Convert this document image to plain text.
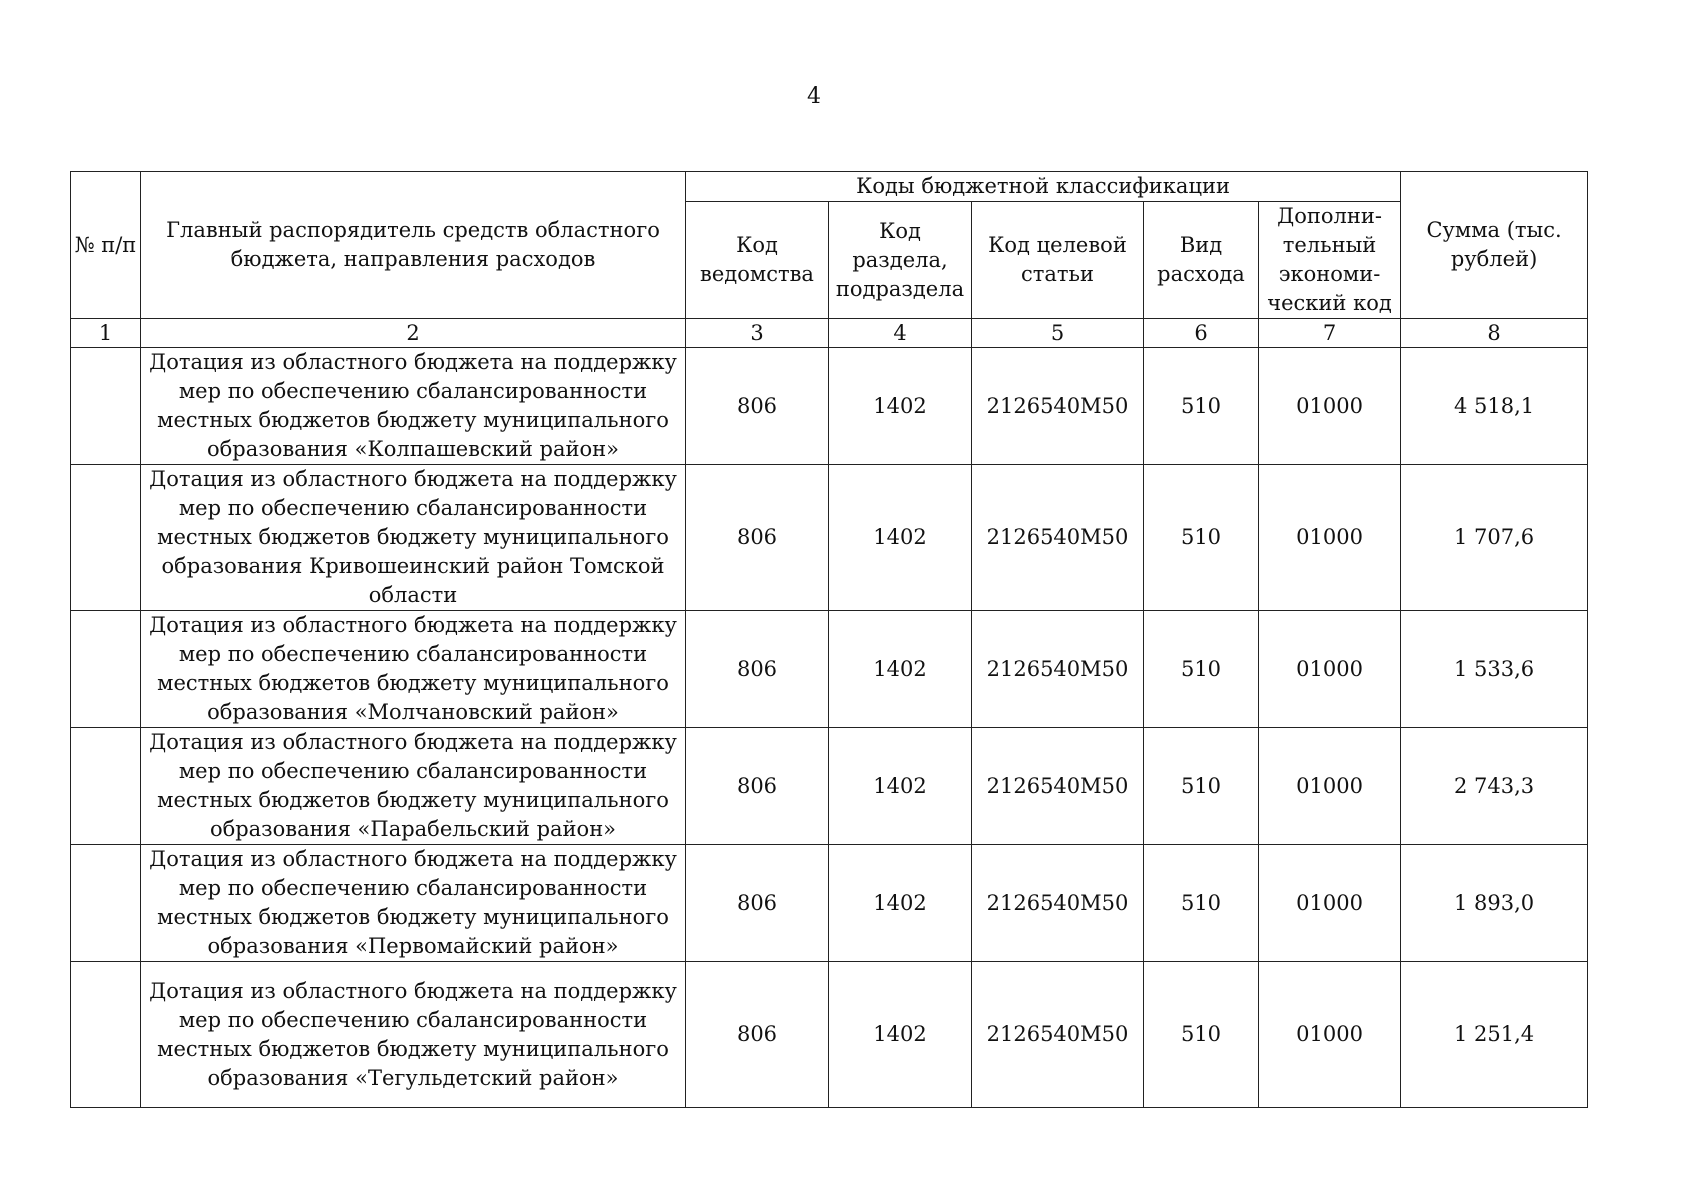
4
№ п/п	Главный распорядитель средств областного бюджета, направления расходов	Коды бюджетной классификации					Сумма (тыс. рублей)
		Код ведомства	Код раздела, подраздела	Код целевой статьи	Вид расхода	Дополни-тельный экономи-ческий код	
1	2	3	4	5	6	7	8
	Дотация из областного бюджета на поддержку мер по обеспечению сбалансированности местных бюджетов бюджету муниципального образования «Колпашевский район»	806	1402	2126540M50	510	01000	4 518,1
	Дотация из областного бюджета на поддержку мер по обеспечению сбалансированности местных бюджетов бюджету муниципального образования Кривошеинский район Томской области	806	1402	2126540M50	510	01000	1 707,6
	Дотация из областного бюджета на поддержку мер по обеспечению сбалансированности местных бюджетов бюджету муниципального образования «Молчановский район»	806	1402	2126540M50	510	01000	1 533,6
	Дотация из областного бюджета на поддержку мер по обеспечению сбалансированности местных бюджетов бюджету муниципального образования «Парабельский район»	806	1402	2126540M50	510	01000	2 743,3
	Дотация из областного бюджета на поддержку мер по обеспечению сбалансированности местных бюджетов бюджету муниципального образования «Первомайский район»	806	1402	2126540M50	510	01000	1 893,0
	Дотация из областного бюджета на поддержку мер по обеспечению сбалансированности местных бюджетов бюджету муниципального образования «Тегульдетский район»	806	1402	2126540M50	510	01000	1 251,4
